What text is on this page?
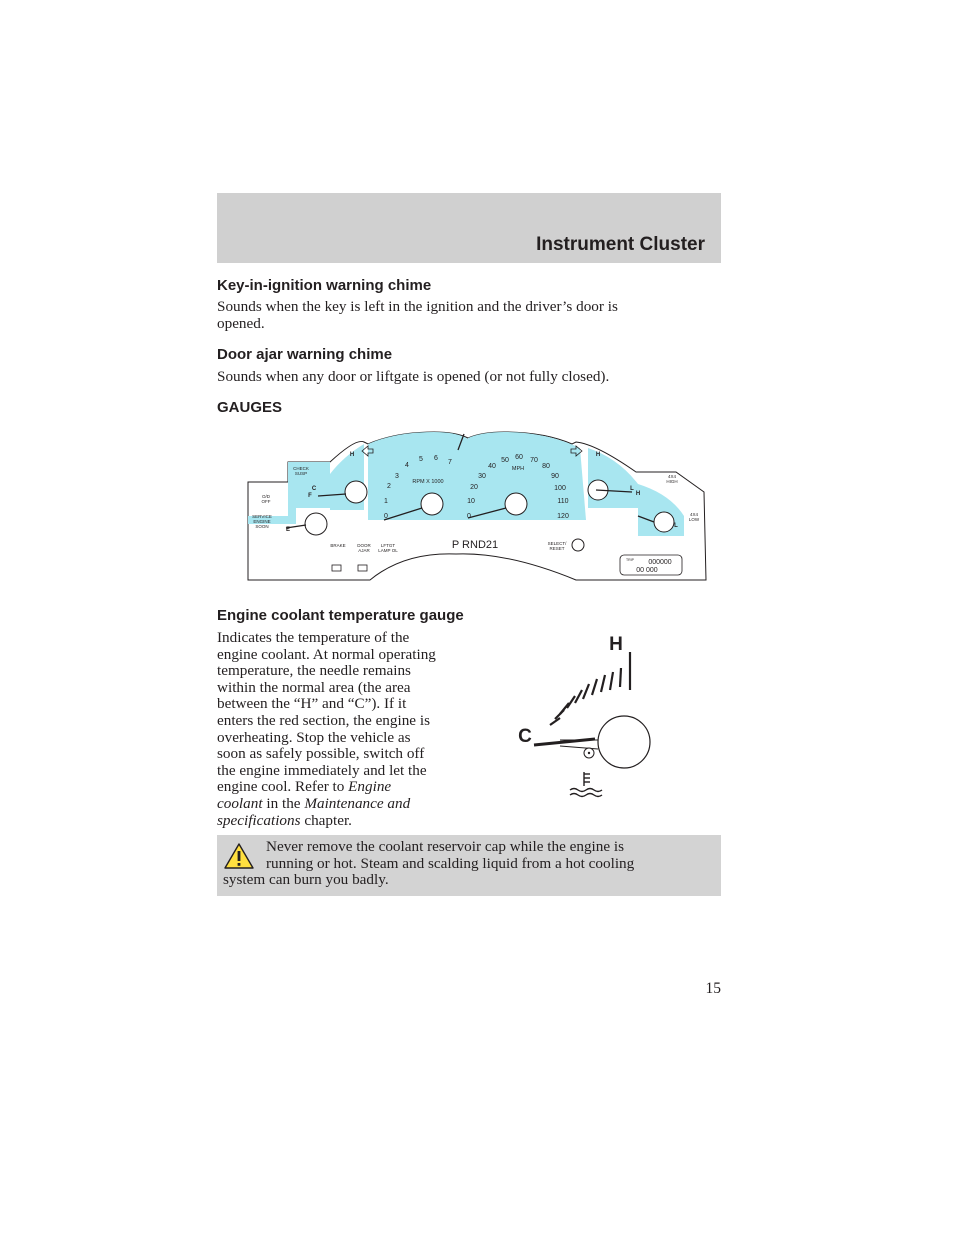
Instrument Cluster
Key-in-ignition warning chime
Sounds when the key is left in the ignition and the driver’s door is
opened.
Door ajar warning chime
Sounds when any door or liftgate is opened (or not fully closed).
GAUGES
0
1
2
3
4
5 6
7
0
10
20
30
40
50 60 70
80
90
100
110
120
RPM X 1000
MPH
H
C
F
E
H
L
H
L
CHECK SUSP
O/D OFF
SERVICE ENGINE SOON
BRAKE	DOOR AJAR
LFTGT LAMP OL
SELECT/ RESET
4X4 HIGH
4X4 LOW
P RND21
TRIP 000000
00 000
Engine coolant temperature gauge
Indicates the temperature of the
engine coolant. At normal operating
temperature, the needle remains
within the normal area (the area
between the “H” and “C”). If it
enters the red section, the engine is
overheating. Stop the vehicle as
soon as safely possible, switch off
the engine immediately and let the
engine cool. Refer to Engine
coolant in the Maintenance and
specifications chapter.
H
C
Never remove the coolant reservoir cap while the engine is
running or hot. Steam and scalding liquid from a hot cooling
system can burn you badly.
15
